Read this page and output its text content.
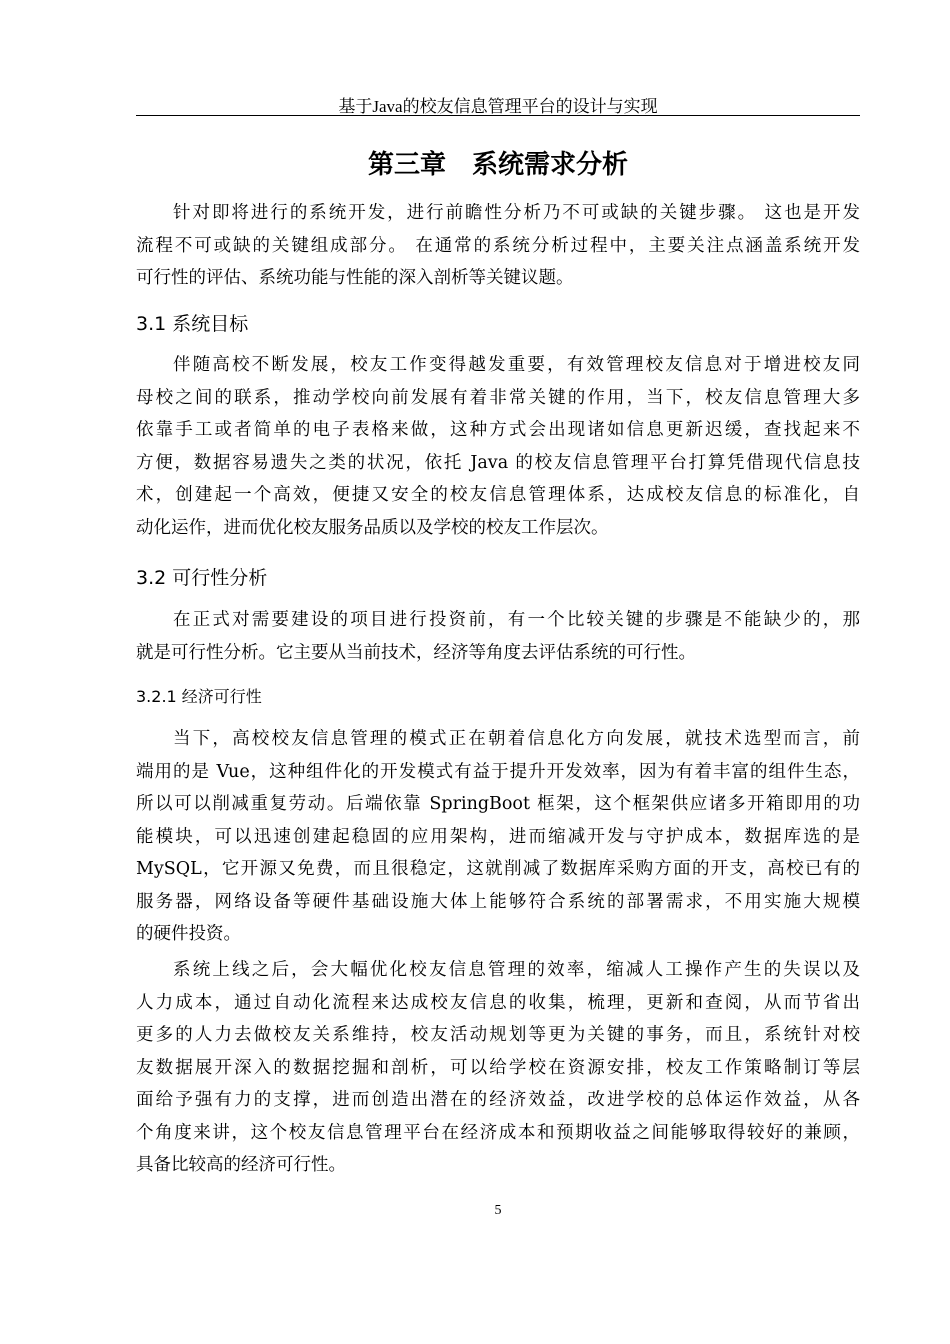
基于Java的校友信息管理平台的设计与实现
第三章　系统需求分析
针对即将进行的系统开发，进行前瞻性分析乃不可或缺的关键步骤。 这也是开发
流程不可或缺的关键组成部分。 在通常的系统分析过程中，主要关注点涵盖系统开发
可行性的评估、系统功能与性能的深入剖析等关键议题。
3.1 系统目标
伴随高校不断发展，校友工作变得越发重要，有效管理校友信息对于增进校友同
母校之间的联系，推动学校向前发展有着非常关键的作用，当下，校友信息管理大多
依靠手工或者简单的电子表格来做，这种方式会出现诸如信息更新迟缓，查找起来不
方便，数据容易遗失之类的状况，依托 Java 的校友信息管理平台打算凭借现代信息技
术，创建起一个高效，便捷又安全的校友信息管理体系，达成校友信息的标准化，自
动化运作，进而优化校友服务品质以及学校的校友工作层次。
3.2 可行性分析
在正式对需要建设的项目进行投资前，有一个比较关键的步骤是不能缺少的，那
就是可行性分析。它主要从当前技术，经济等角度去评估系统的可行性。
3.2.1 经济可行性
当下，高校校友信息管理的模式正在朝着信息化方向发展，就技术选型而言，前
端用的是 Vue，这种组件化的开发模式有益于提升开发效率，因为有着丰富的组件生态，
所以可以削减重复劳动。后端依靠 SpringBoot 框架，这个框架供应诸多开箱即用的功
能模块，可以迅速创建起稳固的应用架构，进而缩减开发与守护成本，数据库选的是
MySQL，它开源又免费，而且很稳定，这就削减了数据库采购方面的开支，高校已有的
服务器，网络设备等硬件基础设施大体上能够符合系统的部署需求，不用实施大规模
的硬件投资。
系统上线之后，会大幅优化校友信息管理的效率，缩减人工操作产生的失误以及
人力成本，通过自动化流程来达成校友信息的收集，梳理，更新和查阅，从而节省出
更多的人力去做校友关系维持，校友活动规划等更为关键的事务，而且，系统针对校
友数据展开深入的数据挖掘和剖析，可以给学校在资源安排，校友工作策略制订等层
面给予强有力的支撑，进而创造出潜在的经济效益，改进学校的总体运作效益，从各
个角度来讲，这个校友信息管理平台在经济成本和预期收益之间能够取得较好的兼顾，
具备比较高的经济可行性。
5
